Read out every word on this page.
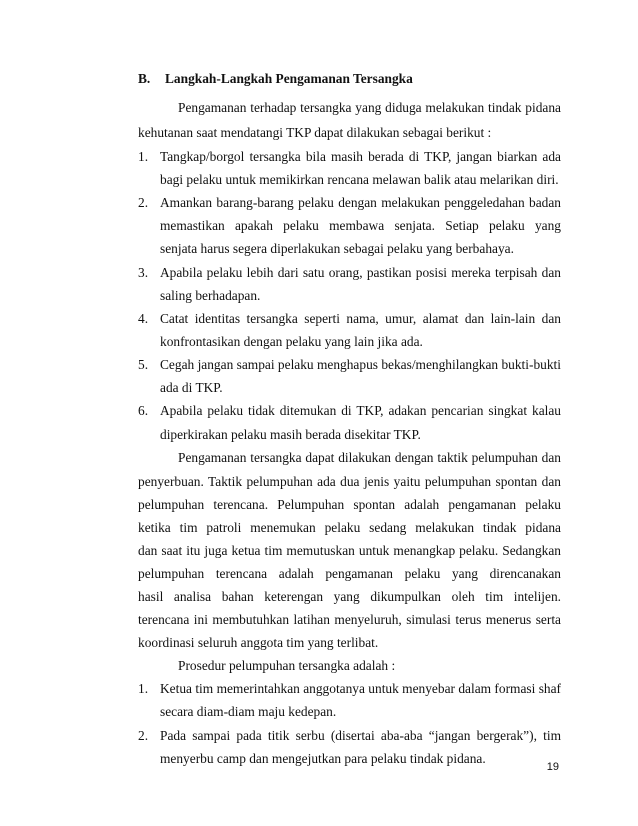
B. Langkah-Langkah Pengamanan Tersangka
Pengamanan terhadap tersangka yang diduga melakukan tindak pidana
kehutanan saat mendatangi TKP dapat dilakukan sebagai berikut :
1. Tangkap/borgol tersangka bila masih berada di TKP, jangan biarkan ada
bagi pelaku untuk memikirkan rencana melawan balik atau melarikan diri.
2. Amankan barang-barang pelaku dengan melakukan penggeledahan badan
memastikan apakah pelaku membawa senjata. Setiap pelaku yang
senjata harus segera diperlakukan sebagai pelaku yang berbahaya.
3. Apabila pelaku lebih dari satu orang, pastikan posisi mereka terpisah dan
saling berhadapan.
4. Catat identitas tersangka seperti nama, umur, alamat dan lain-lain dan
konfrontasikan dengan pelaku yang lain jika ada.
5. Cegah jangan sampai pelaku menghapus bekas/menghilangkan bukti-bukti
ada di TKP.
6. Apabila pelaku tidak ditemukan di TKP, adakan pencarian singkat kalau
diperkirakan pelaku masih berada disekitar TKP.
Pengamanan tersangka dapat dilakukan dengan taktik pelumpuhan dan
penyerbuan. Taktik pelumpuhan ada dua jenis yaitu pelumpuhan spontan dan
pelumpuhan terencana. Pelumpuhan spontan adalah pengamanan pelaku
ketika tim patroli menemukan pelaku sedang melakukan tindak pidana
dan saat itu juga ketua tim memutuskan untuk menangkap pelaku. Sedangkan
pelumpuhan terencana adalah pengamanan pelaku yang direncanakan
hasil analisa bahan keterengan yang dikumpulkan oleh tim intelijen.
terencana ini membutuhkan latihan menyeluruh, simulasi terus menerus serta
koordinasi seluruh anggota tim yang terlibat.
Prosedur pelumpuhan tersangka adalah :
1. Ketua tim memerintahkan anggotanya untuk menyebar dalam formasi shaf
secara diam-diam maju kedepan.
2. Pada sampai pada titik serbu (disertai aba-aba “jangan bergerak”), tim
menyerbu camp dan mengejutkan para pelaku tindak pidana.
19
